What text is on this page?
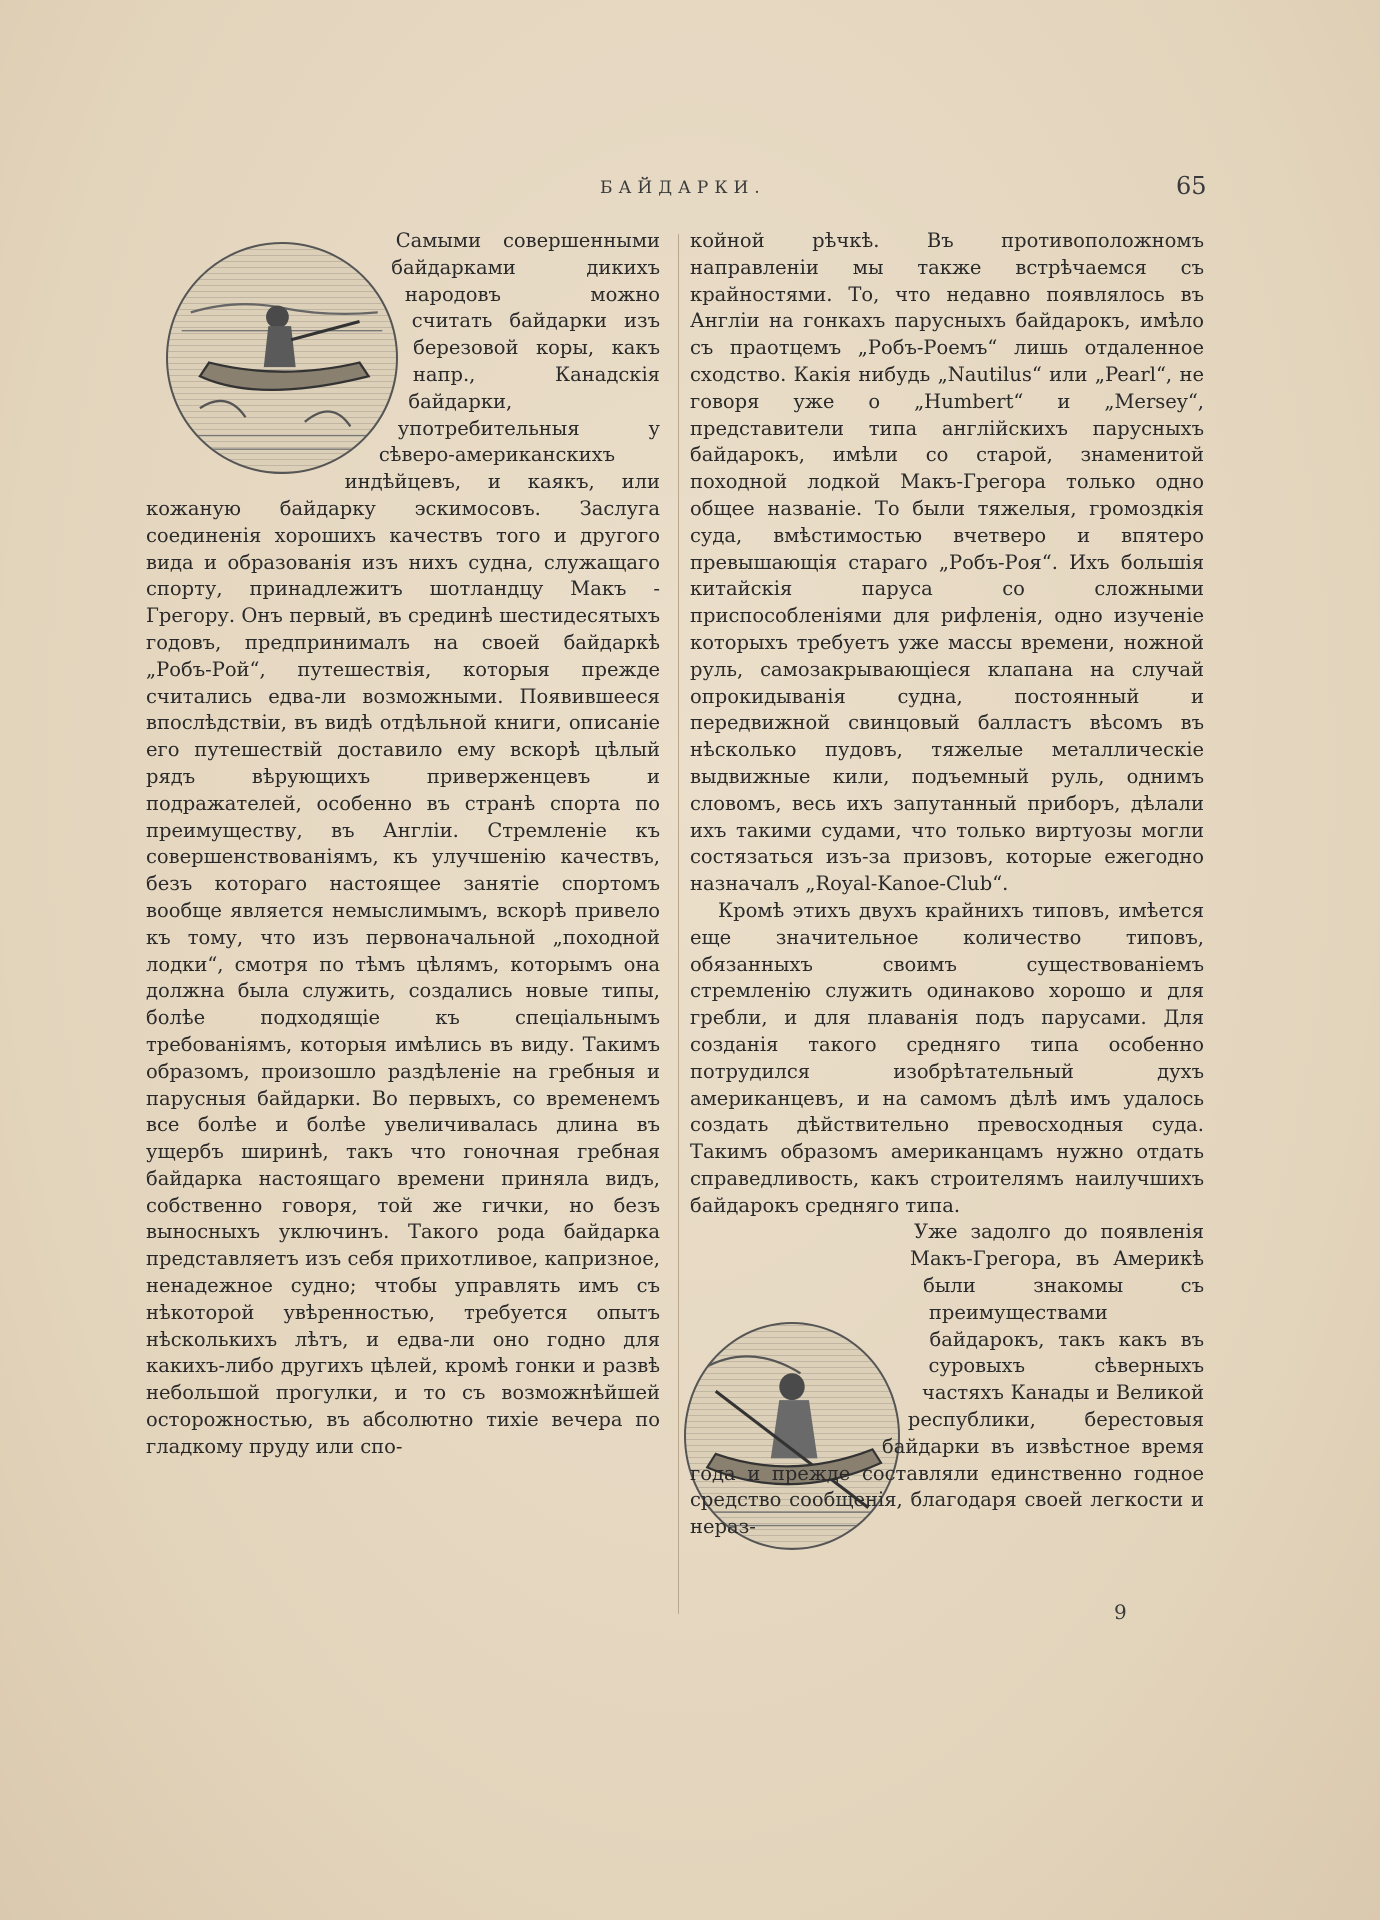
БАЙДАРКИ.	65

Самыми совершенными байдарками дикихъ народовъ можно считать байдарки изъ березовой коры, какъ напр., Канадскія байдарки, употребительныя у сѣверо-американскихъ индѣйцевъ, и каякъ, или кожаную байдарку эскимосовъ. Заслуга соединенія хорошихъ качествъ того и другого вида и образованія изъ нихъ судна, служащаго спорту, принадлежитъ шотландцу Макъ - Грегору. Онъ первый, въ срединѣ шестидесятыхъ годовъ, предпринималъ на своей байдаркѣ „Робъ-Рой“, путешествія, которыя прежде считались едва-ли возможными. Появившееся впослѣдствіи, въ видѣ отдѣльной книги, описаніе его путешествій доставило ему вскорѣ цѣлый рядъ вѣрующихъ приверженцевъ и подражателей, особенно въ странѣ спорта по преимуществу, въ Англіи. Стремленіе къ совершенствованіямъ, къ улучшенію качествъ, безъ котораго настоящее занятіе спортомъ вообще является немыслимымъ, вскорѣ привело къ тому, что изъ первоначальной „походной лодки“, смотря по тѣмъ цѣлямъ, которымъ она должна была служить, создались новые типы, болѣе подходящіе къ спеціальнымъ требованіямъ, которыя имѣлись въ виду. Такимъ образомъ, произошло раздѣленіе на гребныя и парусныя байдарки. Во первыхъ, со временемъ все болѣе и болѣе увеличивалась длина въ ущербъ ширинѣ, такъ что гоночная гребная байдарка настоящаго времени приняла видъ, собственно говоря, той же гички, но безъ выносныхъ уключинъ. Такого рода байдарка представляетъ изъ себя прихотливое, капризное, ненадежное судно; чтобы управлять имъ съ нѣкоторой увѣренностью, требуется опытъ нѣсколькихъ лѣтъ, и едва-ли оно годно для какихъ-либо другихъ цѣлей, кромѣ гонки и развѣ небольшой прогулки, и то съ возможнѣйшей осторожностью, въ абсолютно тихіе вечера по гладкому пруду или спо-

койной рѣчкѣ. Въ противоположномъ направленіи мы также встрѣчаемся съ крайностями. То, что недавно появлялось въ Англіи на гонкахъ парусныхъ байдарокъ, имѣло съ праотцемъ „Робъ-Роемъ“ лишь отдаленное сходство. Какія нибудь „Nautilus“ или „Pearl“, не говоря уже о „Humbert“ и „Mersey“, представители типа англійскихъ парусныхъ байдарокъ, имѣли со старой, знаменитой походной лодкой Макъ-Грегора только одно общее названіе. То были тяжелыя, громоздкія суда, вмѣстимостью вчетверо и впятеро превышающія стараго „Робъ-Роя“. Ихъ большія китайскія паруса со сложными приспособленіями для рифленія, одно изученіе которыхъ требуетъ уже массы времени, ножной руль, самозакрывающіеся клапана на случай опрокидыванія судна, постоянный и передвижной свинцовый балластъ вѣсомъ въ нѣсколько пудовъ, тяжелые металлическіе выдвижные кили, подъемный руль, однимъ словомъ, весь ихъ запутанный приборъ, дѣлали ихъ такими судами, что только виртуозы могли состязаться изъ-за призовъ, которые ежегодно назначалъ „Royal-Kanoe-Club“.

Кромѣ этихъ двухъ крайнихъ типовъ, имѣется еще значительное количество типовъ, обязанныхъ своимъ существованіемъ стремленію служить одинаково хорошо и для гребли, и для плаванія подъ парусами. Для созданія такого средняго типа особенно потрудился изобрѣтательный духъ американцевъ, и на самомъ дѣлѣ имъ удалось создать дѣйствительно превосходныя суда. Такимъ образомъ американцамъ нужно отдать справедливость, какъ строителямъ наилучшихъ байдарокъ средняго типа.

Уже задолго до появленія Макъ-Грегора, въ Америкѣ были знакомы съ преимуществами байдарокъ, такъ какъ въ суровыхъ сѣверныхъ частяхъ Канады и Великой республики, берестовыя байдарки въ извѣстное время года и прежде составляли единственно годное средство сообщенія, благодаря своей легкости и нераз-

9
